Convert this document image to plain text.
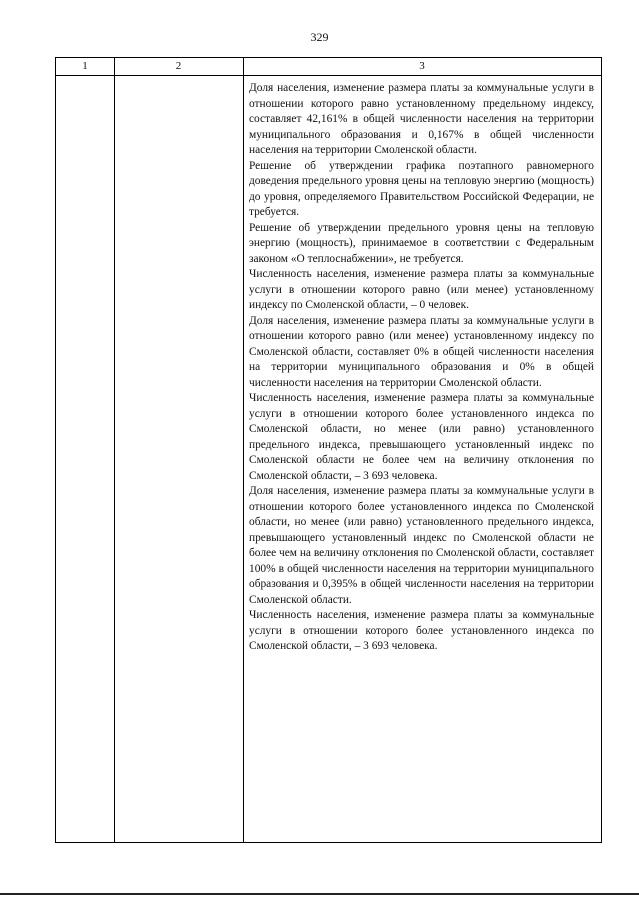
329
1	2	3

Доля населения, изменение размера платы за коммунальные услуги в отношении которого равно установленному предельному индексу, составляет 42,161% в общей численности населения на территории муниципального образования и 0,167% в общей численности населения на территории Смоленской области.

Решение об утверждении графика поэтапного равномерного доведения предельного уровня цены на тепловую энергию (мощность) до уровня, определяемого Правительством Российской Федерации, не требуется.

Решение об утверждении предельного уровня цены на тепловую энергию (мощность), принимаемое в соответствии с Федеральным законом «О теплоснабжении», не требуется.

Численность населения, изменение размера платы за коммунальные услуги в отношении которого равно (или менее) установленному индексу по Смоленской области, – 0 человек.

Доля населения, изменение размера платы за коммунальные услуги в отношении которого равно (или менее) установленному индексу по Смоленской области, составляет 0% в общей численности населения на территории муниципального образования и 0% в общей численности населения на территории Смоленской области.

Численность населения, изменение размера платы за коммунальные услуги в отношении которого более установленного индекса по Смоленской области, но менее (или равно) установленного предельного индекса, превышающего установленный индекс по Смоленской области не более чем на величину отклонения по Смоленской области, – 3 693 человека.

Доля населения, изменение размера платы за коммунальные услуги в отношении которого более установленного индекса по Смоленской области, но менее (или равно) установленного предельного индекса, превышающего установленный индекс по Смоленской области не более чем на величину отклонения по Смоленской области, составляет 100% в общей численности населения на территории муниципального образования и 0,395% в общей численности населения на территории Смоленской области.

Численность населения, изменение размера платы за коммунальные услуги в отношении которого более установленного индекса по Смоленской области, – 3 693 человека.
